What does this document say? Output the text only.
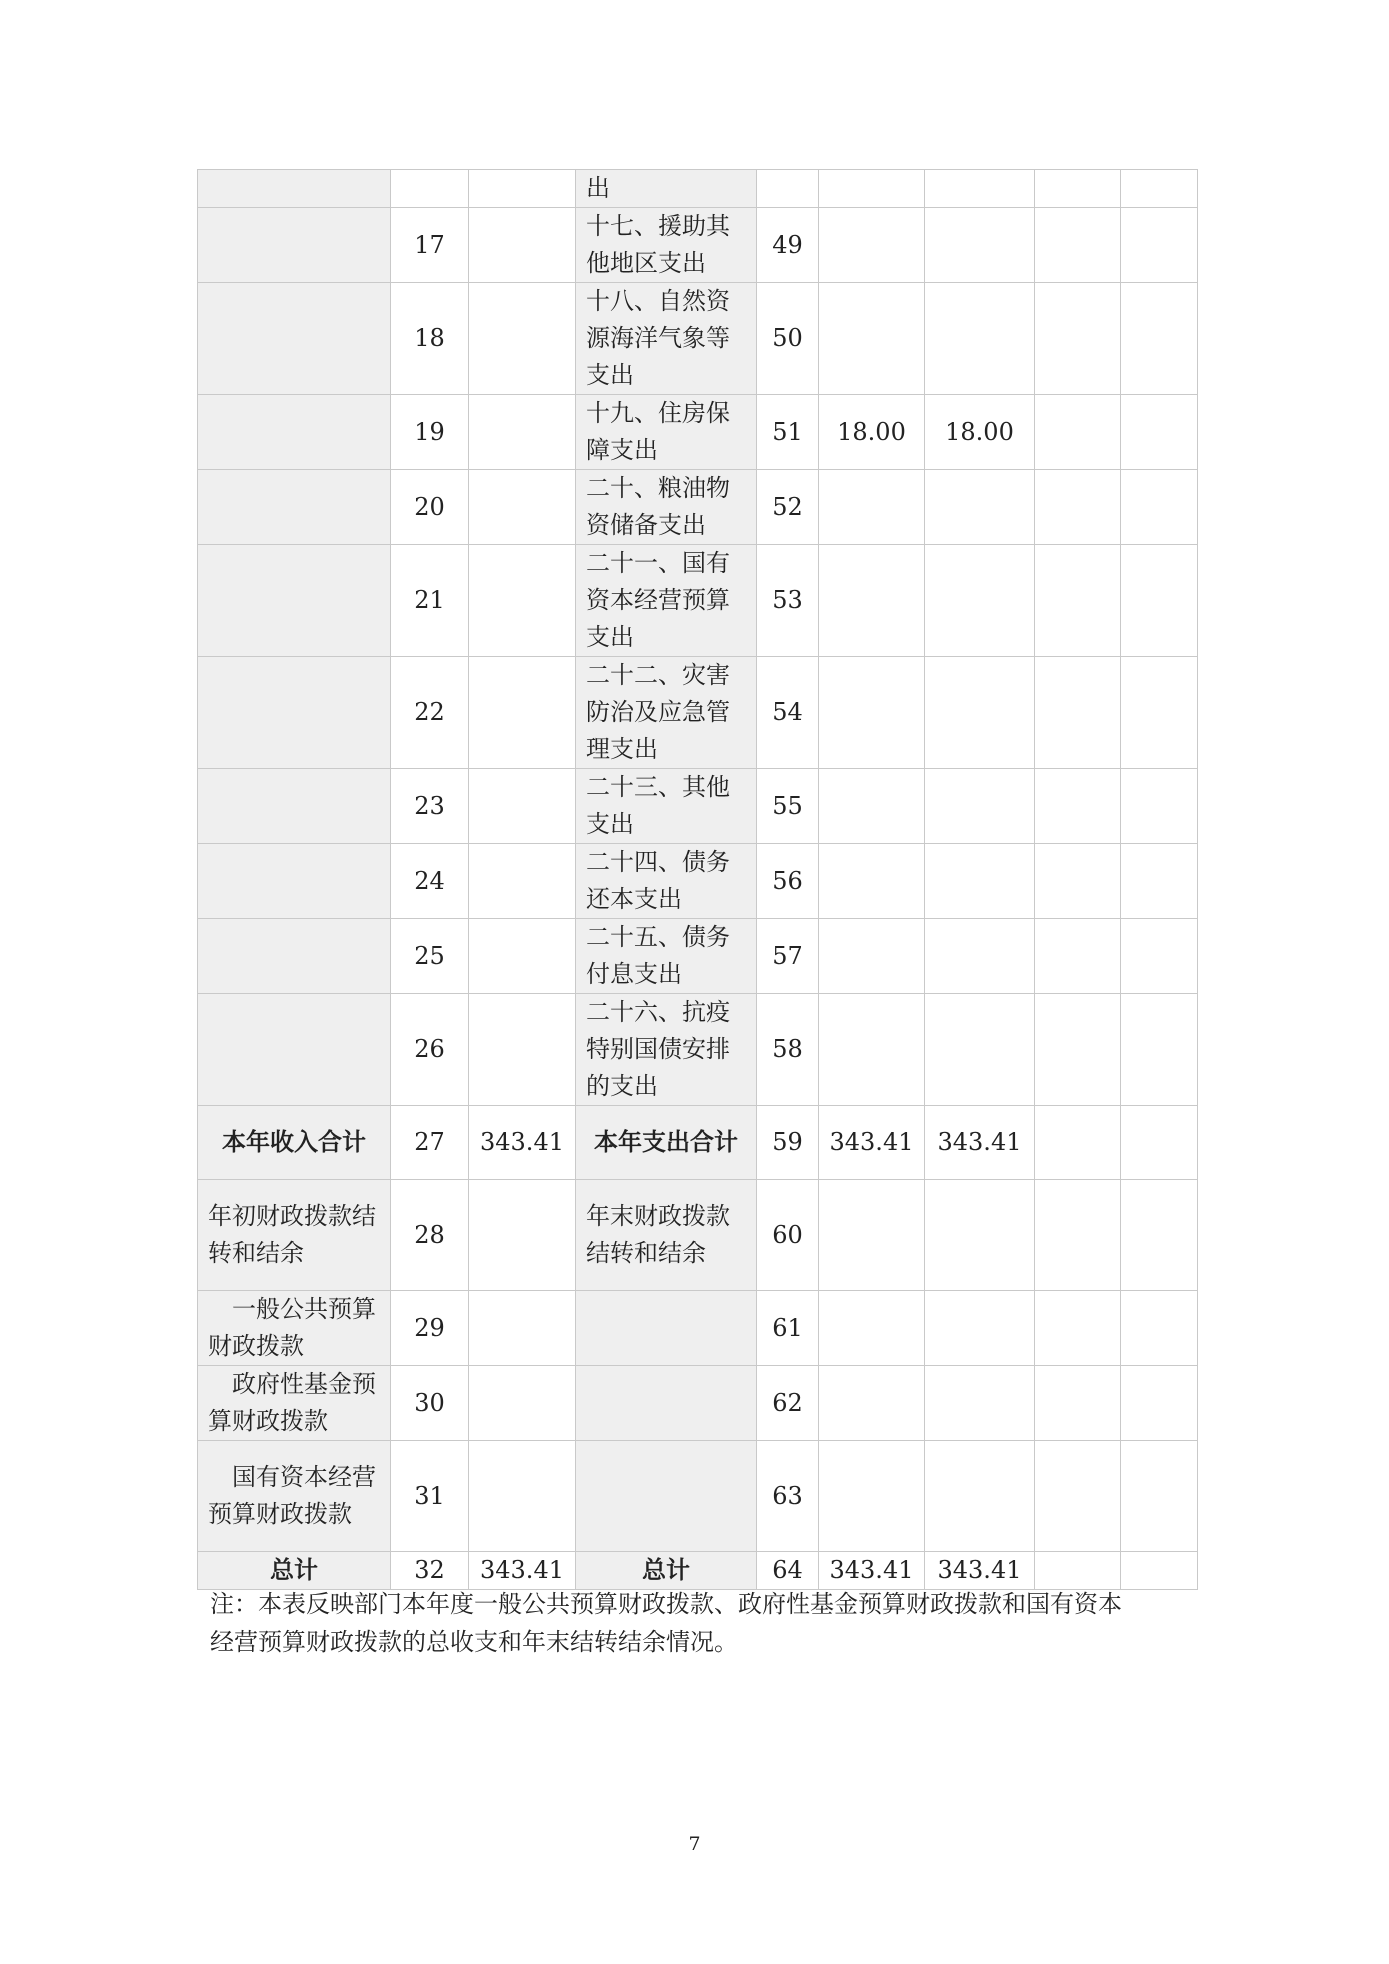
			出					
	17		十七、援助其他地区支出	49				
	18		十八、自然资源海洋气象等支出	50				
	19		十九、住房保障支出	51	18.00	18.00		
	20		二十、粮油物资储备支出	52				
	21		二十一、国有资本经营预算支出	53				
	22		二十二、灾害防治及应急管理支出	54				
	23		二十三、其他支出	55				
	24		二十四、债务还本支出	56				
	25		二十五、债务付息支出	57				
	26		二十六、抗疫特别国债安排的支出	58				
本年收入合计	27	343.41	本年支出合计	59	343.41	343.41		
年初财政拨款结转和结余	28		年末财政拨款结转和结余	60				
一般公共预算财政拨款	29			61				
政府性基金预算财政拨款	30			62				
国有资本经营预算财政拨款	31			63				
总计	32	343.41	总计	64	343.41	343.41		
注：本表反映部门本年度一般公共预算财政拨款、政府性基金预算财政拨款和国有资本经营预算财政拨款的总收支和年末结转结余情况。
7
